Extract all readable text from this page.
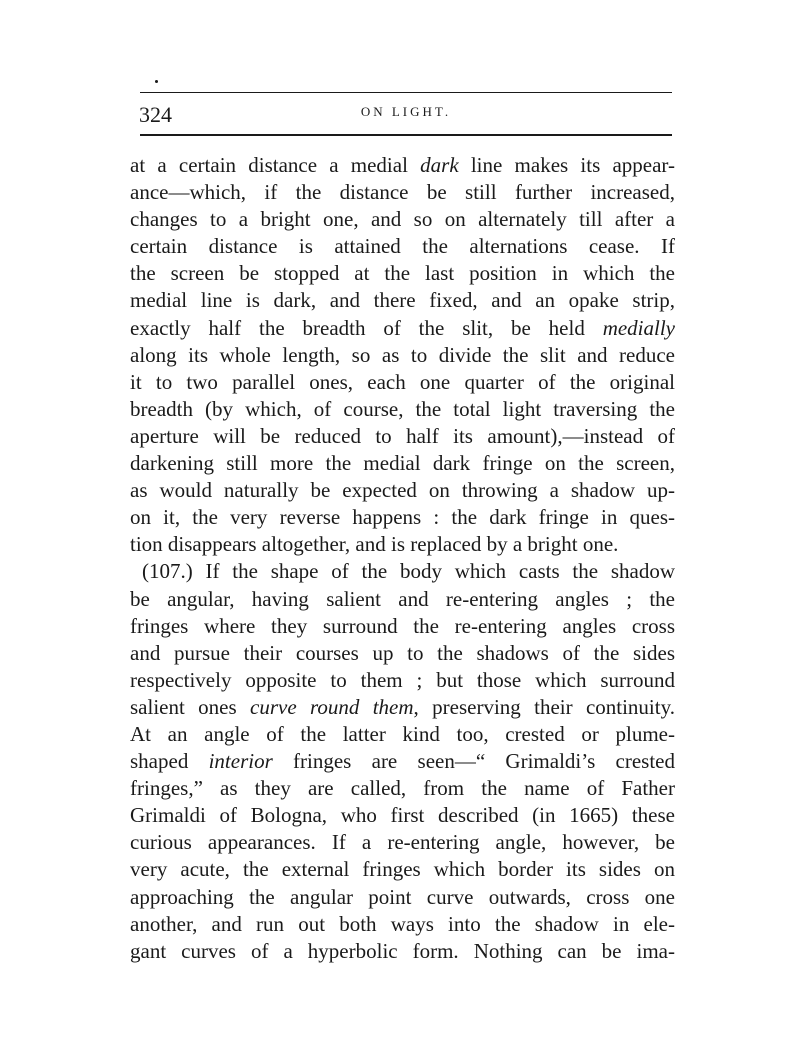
324	ON LIGHT.
at a certain distance a medial dark line makes its appear-
ance—which, if the distance be still further increased,
changes to a bright one, and so on alternately till after a
certain distance is attained the alternations cease. If
the screen be stopped at the last position in which the
medial line is dark, and there fixed, and an opake strip,
exactly half the breadth of the slit, be held medially
along its whole length, so as to divide the slit and reduce
it to two parallel ones, each one quarter of the original
breadth (by which, of course, the total light traversing the
aperture will be reduced to half its amount),—instead of
darkening still more the medial dark fringe on the screen,
as would naturally be expected on throwing a shadow up-
on it, the very reverse happens : the dark fringe in ques-
tion disappears altogether, and is replaced by a bright one.
(107.) If the shape of the body which casts the shadow
be angular, having salient and re-entering angles ; the
fringes where they surround the re-entering angles cross
and pursue their courses up to the shadows of the sides
respectively opposite to them ; but those which surround
salient ones curve round them, preserving their continuity.
At an angle of the latter kind too, crested or plume-
shaped interior fringes are seen—“ Grimaldi’s crested
fringes,” as they are called, from the name of Father
Grimaldi of Bologna, who first described (in 1665) these
curious appearances. If a re-entering angle, however, be
very acute, the external fringes which border its sides on
approaching the angular point curve outwards, cross one
another, and run out both ways into the shadow in ele-
gant curves of a hyperbolic form. Nothing can be ima-
